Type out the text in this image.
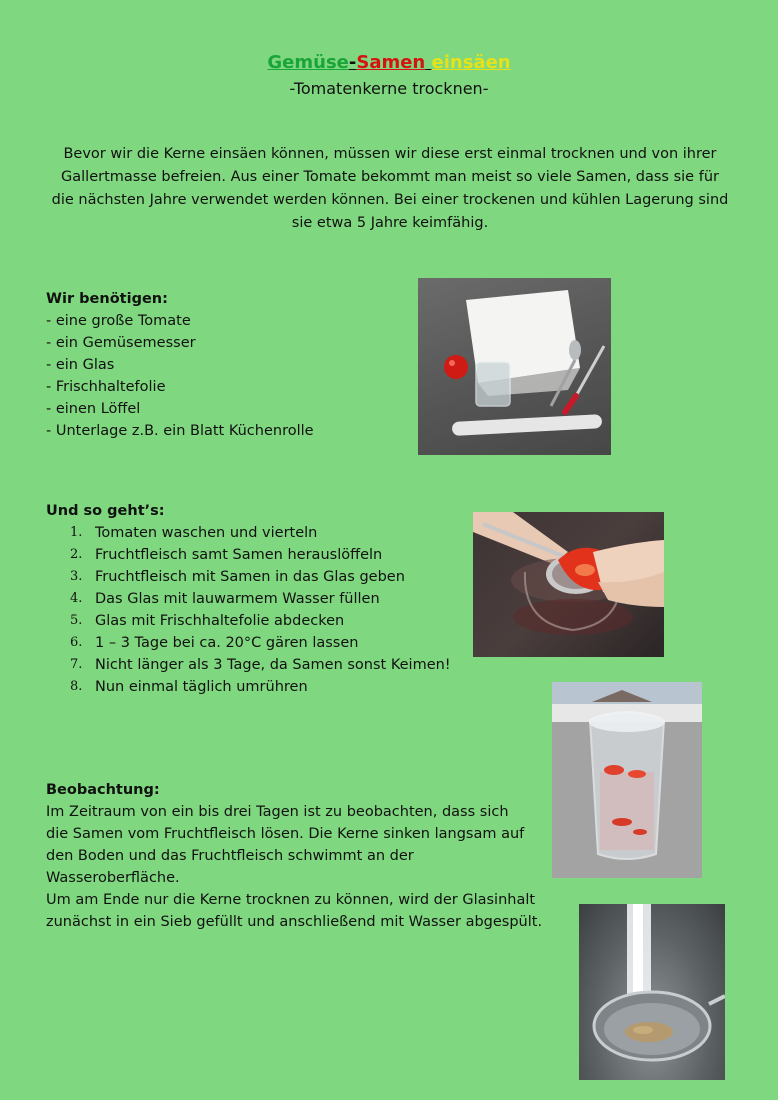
Gemüse-Samen einsäen
-Tomatenkerne trocknen-
Bevor wir die Kerne einsäen können, müssen wir diese erst einmal trocknen und von ihrer Gallertmasse befreien. Aus einer Tomate bekommt man meist so viele Samen, dass sie für die nächsten Jahre verwendet werden können. Bei einer trockenen und kühlen Lagerung sind sie etwa 5 Jahre keimfähig.
Wir benötigen:
- eine große Tomate
- ein Gemüsemesser
- ein Glas
- Frischhaltefolie
- einen Löffel
- Unterlage z.B. ein Blatt Küchenrolle
Und so geht’s:
1. Tomaten waschen und vierteln
2. Fruchtfleisch samt Samen herauslöffeln
3. Fruchtfleisch mit Samen in das Glas geben
4. Das Glas mit lauwarmem Wasser füllen
5. Glas mit Frischhaltefolie abdecken
6. 1 – 3 Tage bei ca. 20°C gären lassen
7. Nicht länger als 3 Tage, da Samen sonst Keimen!
8. Nun einmal täglich umrühren
Beobachtung:
Im Zeitraum von ein bis drei Tagen ist zu beobachten, dass sich
die Samen vom Fruchtfleisch lösen. Die Kerne sinken langsam auf
den Boden und das Fruchtfleisch schwimmt an der
Wasseroberfläche.
Um am Ende nur die Kerne trocknen zu können, wird der Glasinhalt
zunächst in ein Sieb gefüllt und anschließend mit Wasser abgespült.
